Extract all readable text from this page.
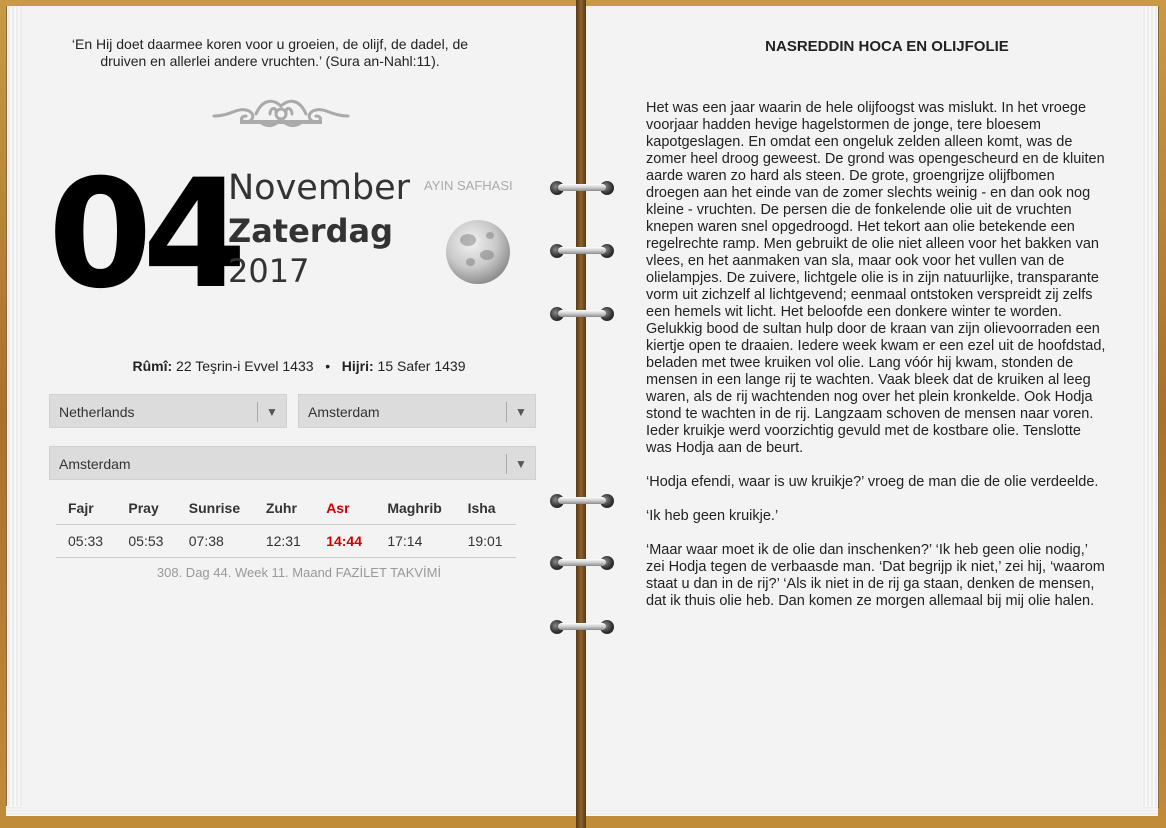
‘En Hij doet daarmee koren voor u groeien, de olijf, de dadel, de druiven en allerlei andere vruchten.’ (Sura an-Nahl:11).
04
November
Zaterdag
2017
AYIN SAFHASI
Rûmî: 22 Teşrin-i Evvel 1433 • Hijri: 15 Safer 1439
Netherlands	▼	Amsterdam	▼
Amsterdam	▼
Fajr	Pray	Sunrise	Zuhr	Asr	Maghrib	Isha
05:33	05:53	07:38	12:31	14:44	17:14	19:01
308. Dag 44. Week 11. Maand FAZİLET TAKVİMİ
NASREDDIN HOCA EN OLIJFOLIE

Het was een jaar waarin de hele olijfoogst was mislukt. In het vroege voorjaar hadden hevige hagelstormen de jonge, tere bloesem kapotgeslagen. En omdat een ongeluk zelden alleen komt, was de zomer heel droog geweest. De grond was opengescheurd en de kluiten aarde waren zo hard als steen. De grote, groengrijze olijfbomen droegen aan het einde van de zomer slechts weinig - en dan ook nog kleine - vruchten. De persen die de fonkelende olie uit de vruchten knepen waren snel opgedroogd. Het tekort aan olie betekende een regelrechte ramp. Men gebruikt de olie niet alleen voor het bakken van vlees, en het aanmaken van sla, maar ook voor het vullen van de olielampjes. De zuivere, lichtgele olie is in zijn natuurlijke, transparante vorm uit zichzelf al lichtgevend; eenmaal ontstoken verspreidt zij zelfs een hemels wit licht. Het beloofde een donkere winter te worden. Gelukkig bood de sultan hulp door de kraan van zijn olievoorraden een kiertje open te draaien. Iedere week kwam er een ezel uit de hoofdstad, beladen met twee kruiken vol olie. Lang vóór hij kwam, stonden de mensen in een lange rij te wachten. Vaak bleek dat de kruiken al leeg waren, als de rij wachtenden nog over het plein kronkelde. Ook Hodja stond te wachten in de rij. Langzaam schoven de mensen naar voren. Ieder kruikje werd voorzichtig gevuld met de kostbare olie. Tenslotte was Hodja aan de beurt.

‘Hodja efendi, waar is uw kruikje?’ vroeg de man die de olie verdeelde.

‘Ik heb geen kruikje.’

‘Maar waar moet ik de olie dan inschenken?’ ‘Ik heb geen olie nodig,’ zei Hodja tegen de verbaasde man. ‘Dat begrijp ik niet,’ zei hij, ‘waarom staat u dan in de rij?’ ‘Als ik niet in de rij ga staan, denken de mensen, dat ik thuis olie heb. Dan komen ze morgen allemaal bij mij olie halen.
